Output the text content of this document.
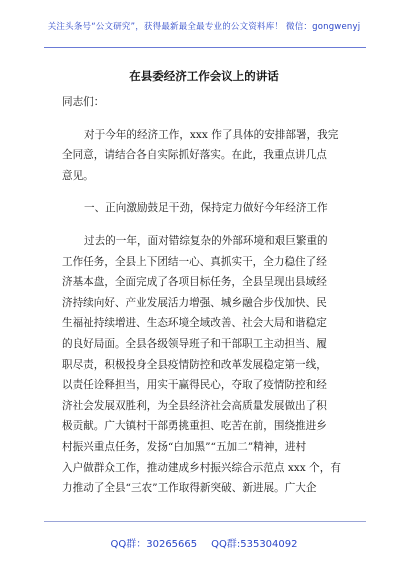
关注头条号“公文研究”，获得最新最全最专业的公文资料库！ 微信：gongwenyj
在县委经济工作会议上的讲话
同志们：
对于今年的经济工作，xxx 作了具体的安排部署，我完
全同意，请结合各自实际抓好落实。在此，我重点讲几点
意见。
一、正向激励鼓足干劲，保持定力做好今年经济工作
过去的一年，面对错综复杂的外部环境和艰巨繁重的
工作任务，全县上下团结一心、真抓实干，全力稳住了经
济基本盘，全面完成了各项目标任务，全县呈现出县域经
济持续向好、产业发展活力增强、城乡融合步伐加快、民
生福祉持续增进、生态环境全域改善、社会大局和谐稳定
的良好局面。全县各级领导班子和干部职工主动担当、履
职尽责，积极投身全县疫情防控和改革发展稳定第一线，
以责任诠释担当，用实干赢得民心，夺取了疫情防控和经
济社会发展双胜利，为全县经济社会高质量发展做出了积
极贡献。广大镇村干部勇挑重担、吃苦在前，围绕推进乡
村振兴重点任务，发扬“白加黑”“五加二”精神，进村
入户做群众工作，推动建成乡村振兴综合示范点 xxx 个，有
力推动了全县“三农”工作取得新突破、新进展。广大企
QQ群：30265665 QQ群:535304092
